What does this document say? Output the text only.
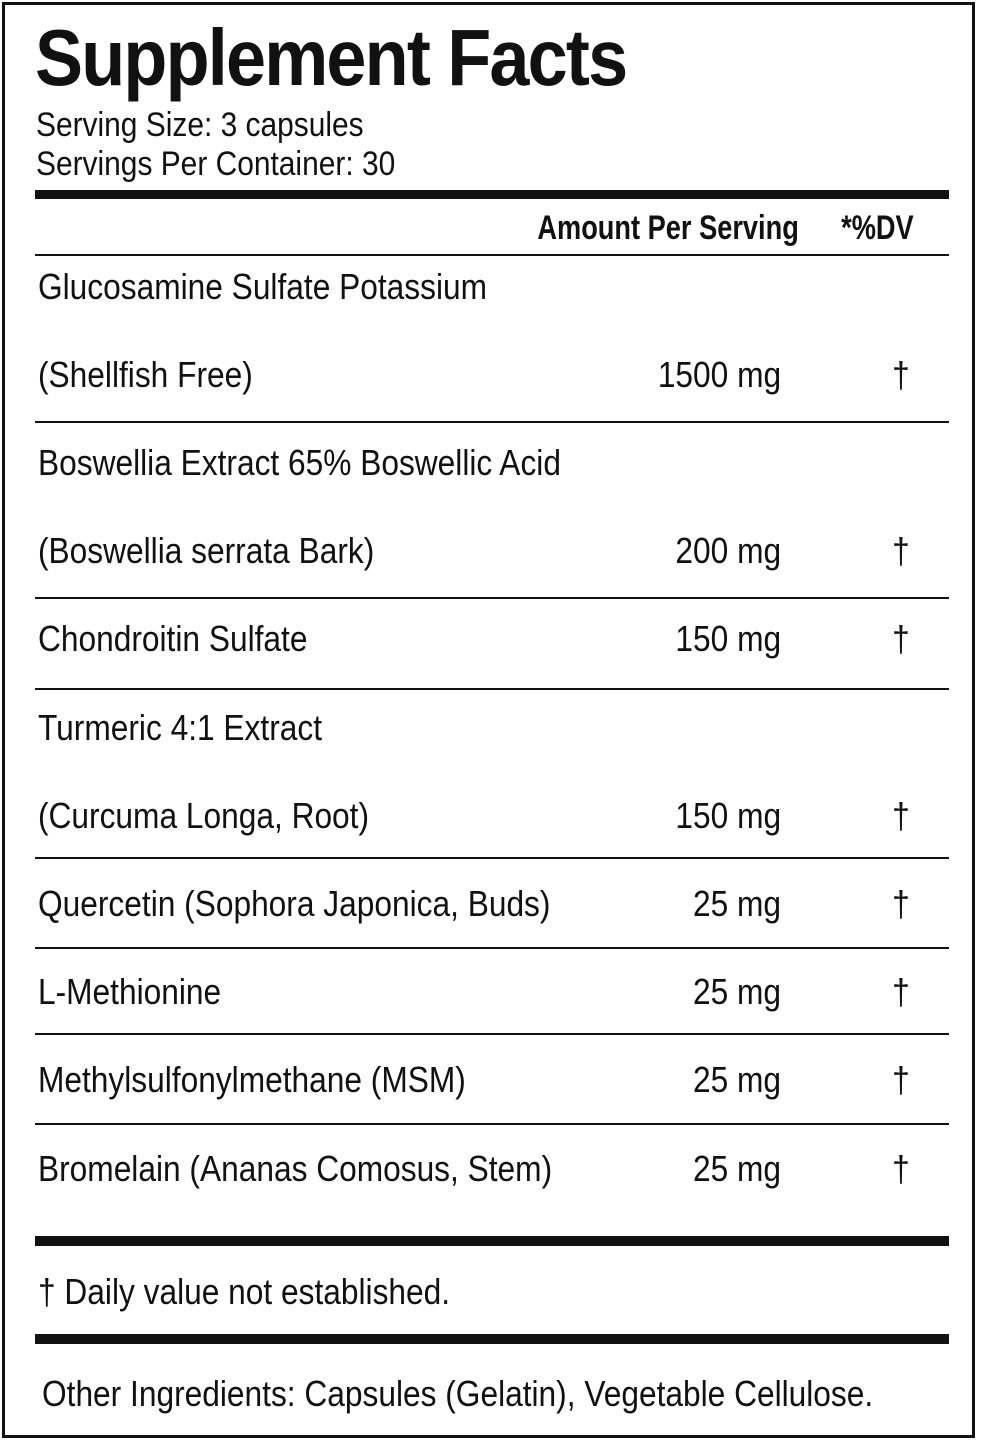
Supplement Facts
Serving Size: 3 capsules
Servings Per Container: 30
Amount Per Serving *%DV
Glucosamine Sulfate Potassium
(Shellfish Free)	1500 mg	†
Boswellia Extract 65% Boswellic Acid
(Boswellia serrata Bark)	200 mg	†
Chondroitin Sulfate	150 mg	†
Turmeric 4:1 Extract
(Curcuma Longa, Root)	150 mg	†
Quercetin (Sophora Japonica, Buds)	25 mg	†
L-Methionine	25 mg	†
Methylsulfonylmethane (MSM)	25 mg	†
Bromelain (Ananas Comosus, Stem)	25 mg	†
† Daily value not established.
Other Ingredients: Capsules (Gelatin), Vegetable Cellulose.
